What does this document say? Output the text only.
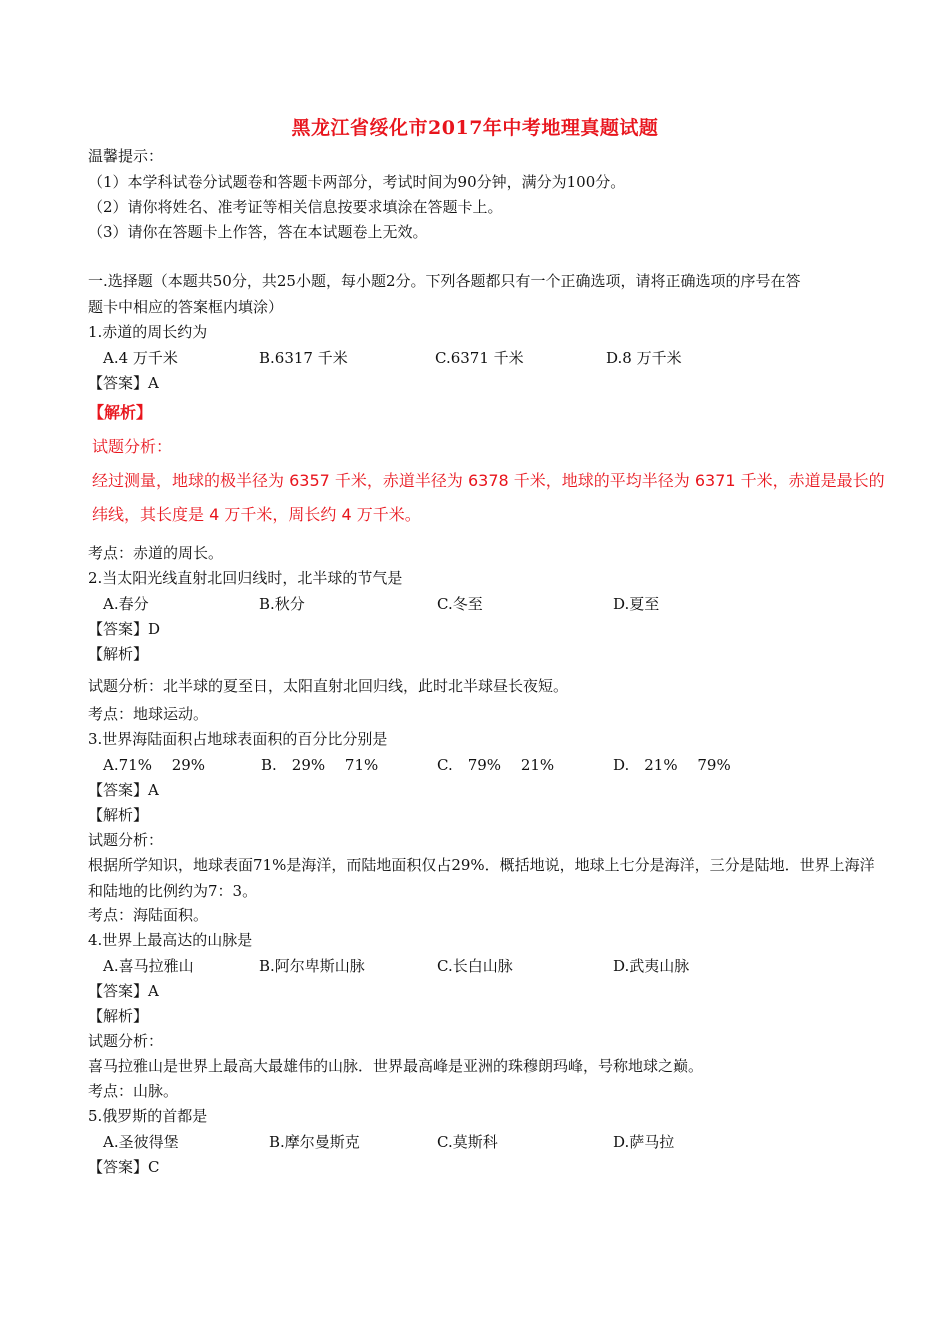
黑龙江省绥化市2017年中考地理真题试题
温馨提示：
（1）本学科试卷分试题卷和答题卡两部分，考试时间为90分钟，满分为100分。
（2）请你将姓名、准考证等相关信息按要求填涂在答题卡上。
（3）请你在答题卡上作答，答在本试题卷上无效。
一.选择题（本题共50分，共25小题，每小题2分。下列各题都只有一个正确选项，请将正确选项的序号在答
题卡中相应的答案框内填涂）
1.赤道的周长约为
A.4 万千米	B.6317 千米	C.6371 千米	D.8 万千米
【答案】A
【解析】
试题分析：
经过测量，地球的极半径为 6357 千米，赤道半径为 6378 千米，地球的平均半径为 6371 千米，赤道是最长的纬线，其长度是 4 万千米，周长约 4 万千米。
考点：赤道的周长。
2.当太阳光线直射北回归线时，北半球的节气是
A.春分	B.秋分	C.冬至	D.夏至
【答案】D
【解析】
试题分析：北半球的夏至日，太阳直射北回归线，此时北半球昼长夜短。
考点：地球运动。
3.世界海陆面积占地球表面积的百分比分别是
A.71%　 29%	B.　29%　 71%	C.　79%　 21%	D.　21%　 79%
【答案】A
【解析】
试题分析：
根据所学知识，地球表面71%是海洋，而陆地面积仅占29%．概括地说，地球上七分是海洋，三分是陆地．世界上海洋和陆地的比例约为7：3。
考点：海陆面积。
4.世界上最高达的山脉是
A.喜马拉雅山	B.阿尔卑斯山脉	C.长白山脉	D.武夷山脉
【答案】A
【解析】
试题分析：
喜马拉雅山是世界上最高大最雄伟的山脉．世界最高峰是亚洲的珠穆朗玛峰，号称地球之巅。
考点：山脉。
5.俄罗斯的首都是
A.圣彼得堡	B.摩尔曼斯克	C.莫斯科	D.萨马拉
【答案】C
